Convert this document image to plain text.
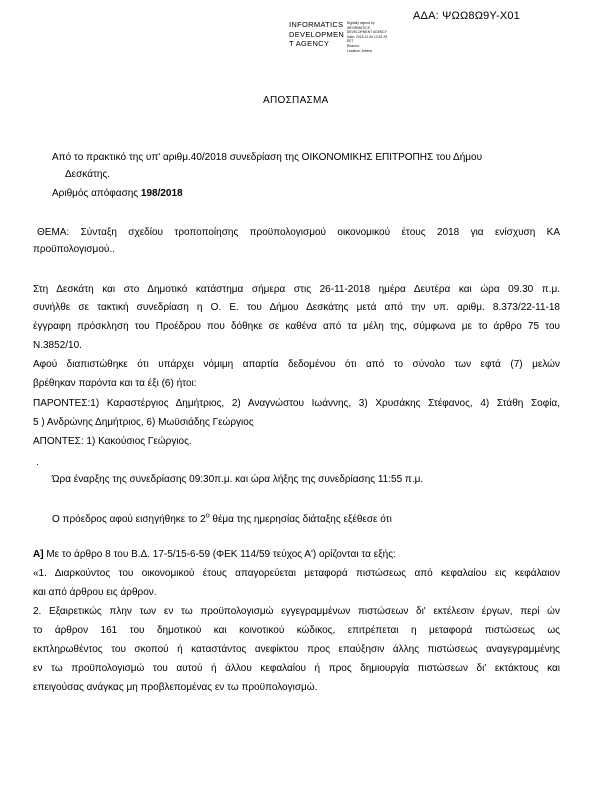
ΑΔΑ: ΨΩΩ8Ω9Υ-Χ01
INFORMATICS
DEVELOPMEN
T AGENCY
Digitally signed by
INFORMATICS
DEVELOPMENT AGENCY
Date: 2018.12.06 13:51:29
EET
Reason:
Location: Athens
ΑΠΟΣΠΑΣΜΑ
Από το πρακτικό της υπ' αριθμ.40/2018 συνεδρίαση της ΟΙΚΟΝΟΜΙΚΗΣ ΕΠΙΤΡΟΠΗΣ του Δήμου
Δεσκάτης.
Αριθμός απόφασης 198/2018
ΘΕΜΑ: Σύνταξη σχεδίου τροποποίησης προϋπολογισμού οικονομικού έτους 2018 για ενίσχυση ΚΑ
προϋπολογισμού..
Στη Δεσκάτη και στο Δημοτικό κατάστημα σήμερα στις 26-11-2018 ημέρα Δευτέρα και ώρα 09.30 π.μ.
συνήλθε σε τακτική συνεδρίαση η Ο. Ε. του Δήμου Δεσκάτης μετά από την υπ. αριθμ. 8.373/22-11-18
έγγραφη πρόσκληση του Προέδρου που δόθηκε σε καθένα από τα μέλη της, σύμφωνα με το άρθρο 75 του
Ν.3852/10.
Αφού διαπιστώθηκε ότι υπάρχει νόμιμη απαρτία δεδομένου ότι από το σύνολο των εφτά (7) μελών
βρέθηκαν παρόντα και τα έξι (6) ήτοι:
ΠΑΡΟΝΤΕΣ:1) Καραστέργιος Δημήτριος, 2) Αναγνώστου Ιωάννης, 3) Χρυσάκης Στέφανος, 4) Στάθη Σοφία,
5 ) Ανδρώνης Δημήτριος, 6) Μωϋσιάδης Γεώργιος
ΑΠΟΝΤΕΣ: 1) Κακούσιος Γεώργιος.
.
Ώρα έναρξης της συνεδρίασης 09:30π.μ. και ώρα λήξης της συνεδρίασης 11:55 π.μ.
Ο πρόεδρος αφού εισηγήθηκε το $2^o$ θέμα της ημερησίας διάταξης εξέθεσε ότι
Α] Με το άρθρο 8 του Β.Δ. 17-5/15-6-59 (ΦΕΚ 114/59 τεύχος Α') ορίζονται τα εξής:
«1. Διαρκούντος του οικονομικού έτους απαγορεύεται μεταφορά πιστώσεως από κεφαλαίου εις κεφάλαιον
και από άρθρου εις άρθρον.
2. Εξαιρετικώς πλην των εν τω προϋπολογισμώ εγγεγραμμένων πιστώσεων δι' εκτέλεσιν έργων, περί ών
το άρθρον 161 του δημοτικού και κοινοτικού κώδικος, επιτρέπεται η μεταφορά πιστώσεως ως
εκπληρωθέντος του σκοπού ή καταστάντος ανεφίκτου προς επαύξησιν άλλης πιστώσεως αναγεγραμμένης
εν τω προϋπολογισμώ του αυτού ή άλλου κεφαλαίου ή προς δημιουργία πιστώσεων δι' εκτάκτους και
επειγούσας ανάγκας μη προβλεπομένας εν τω προϋπολογισμώ.
